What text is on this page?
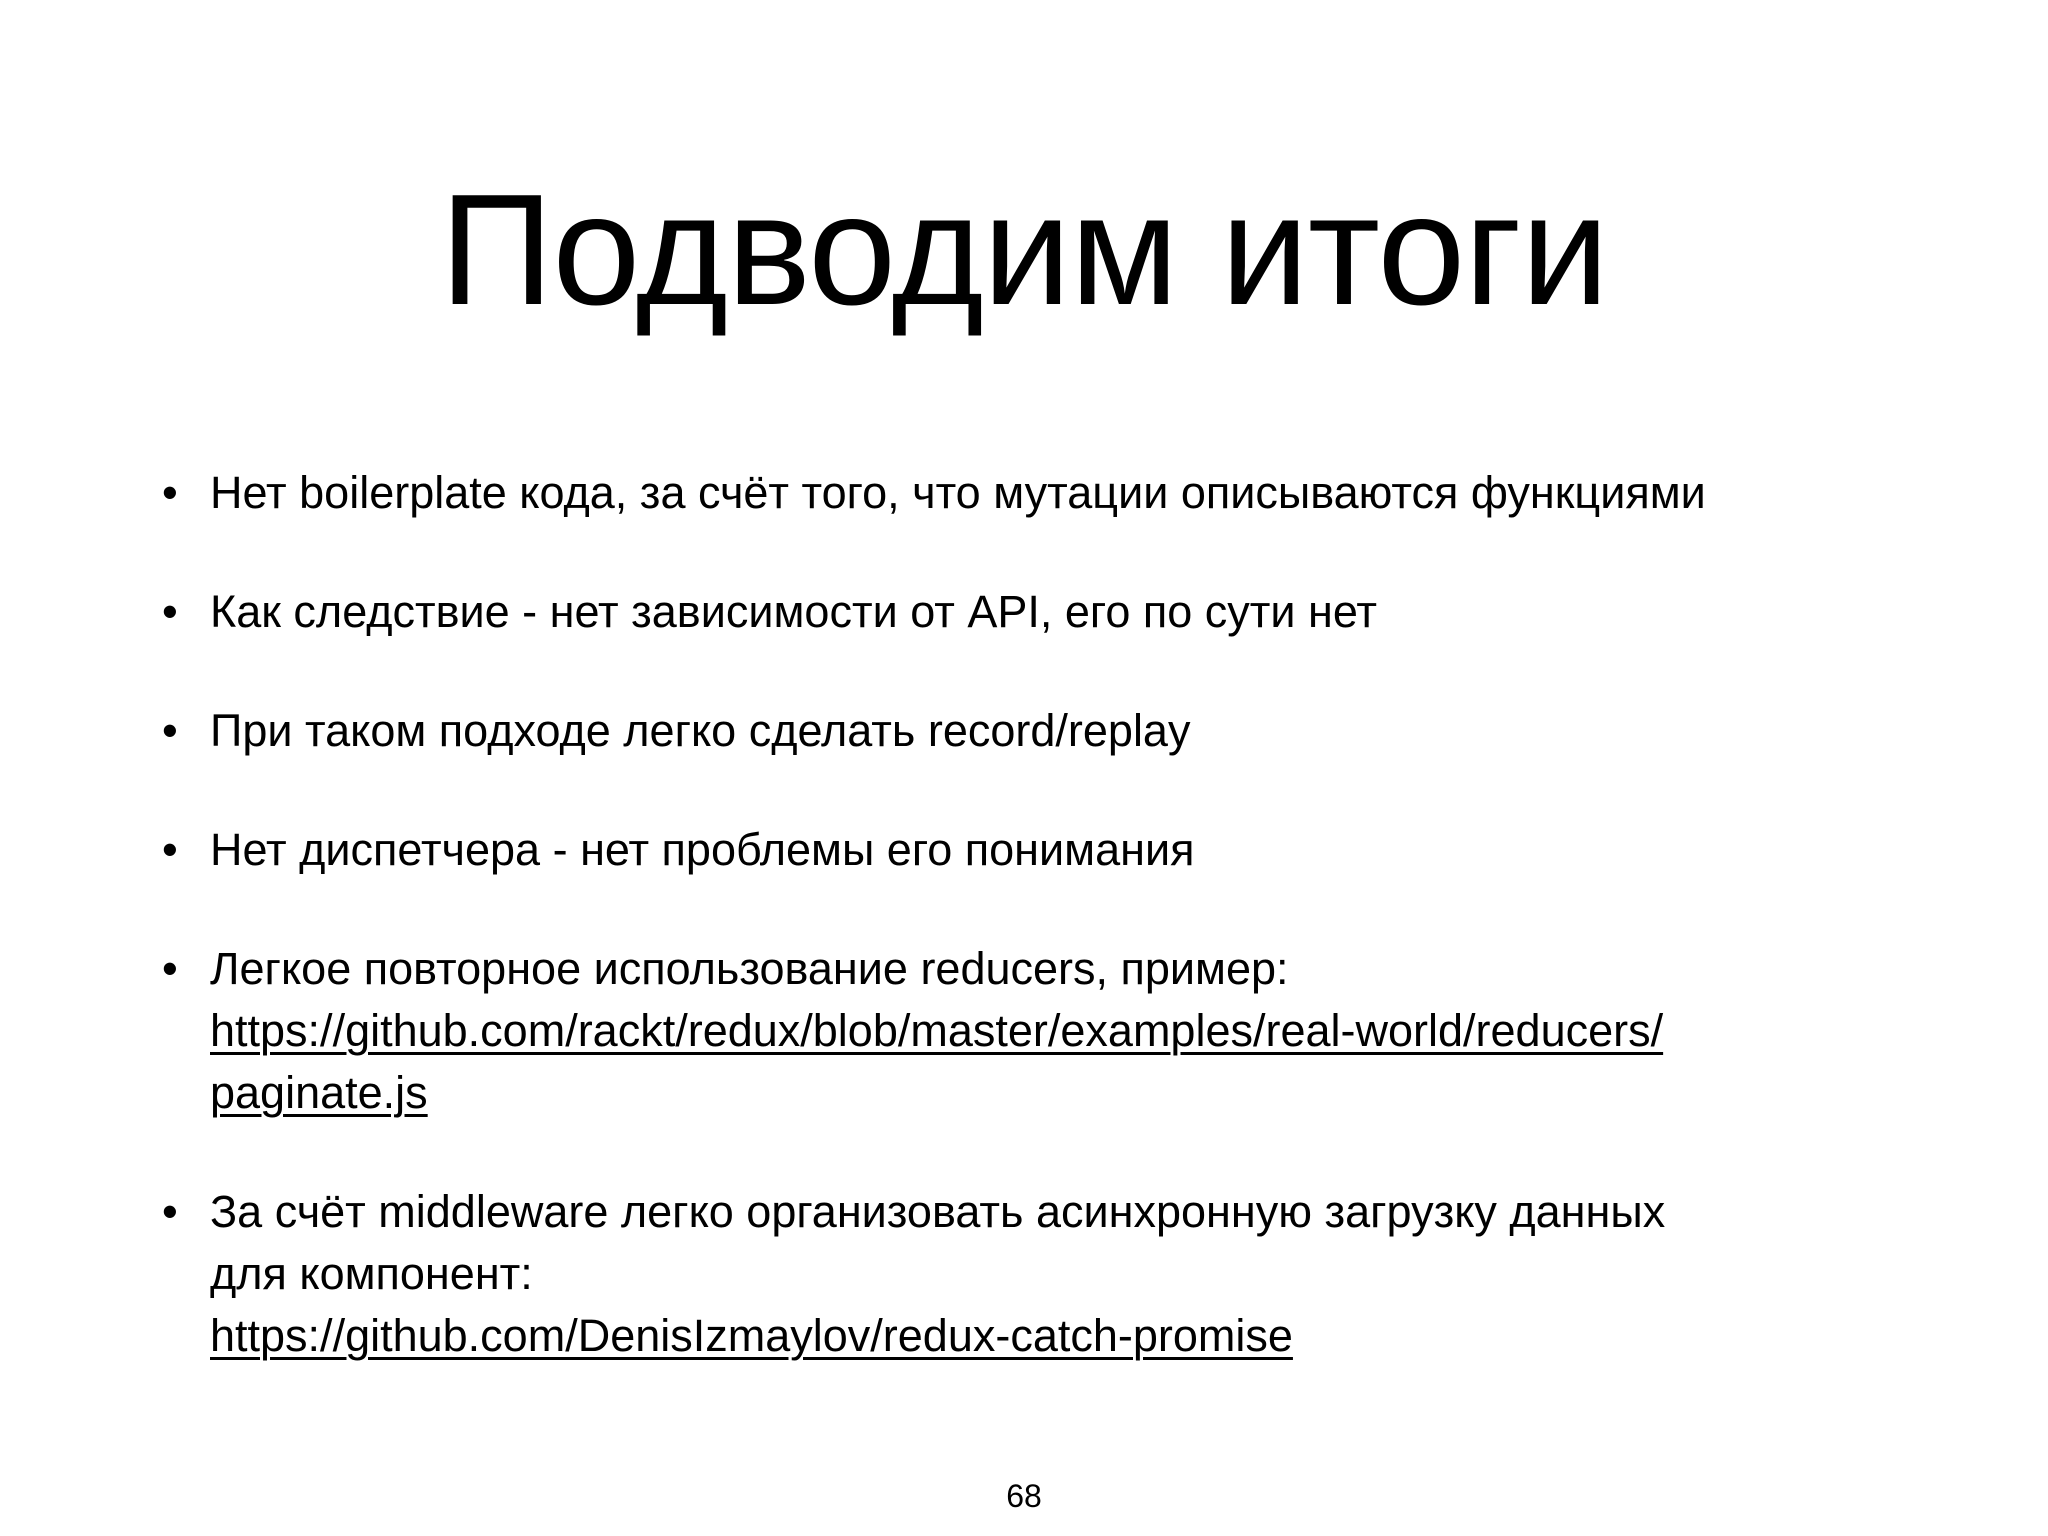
Подводим итоги
• Нет boilerplate кода, за счёт того, что мутации описываются функциями
• Как следствие - нет зависимости от API, его по сути нет
• При таком подходе легко сделать record/replay
• Нет диспетчера - нет проблемы его понимания
• Легкое повторное использование reducers, пример:
https://github.com/rackt/redux/blob/master/examples/real-world/reducers/
paginate.js
• За счёт middleware легко организовать асинхронную загрузку данных
для компонент:
https://github.com/DenisIzmaylov/redux-catch-promise
68
